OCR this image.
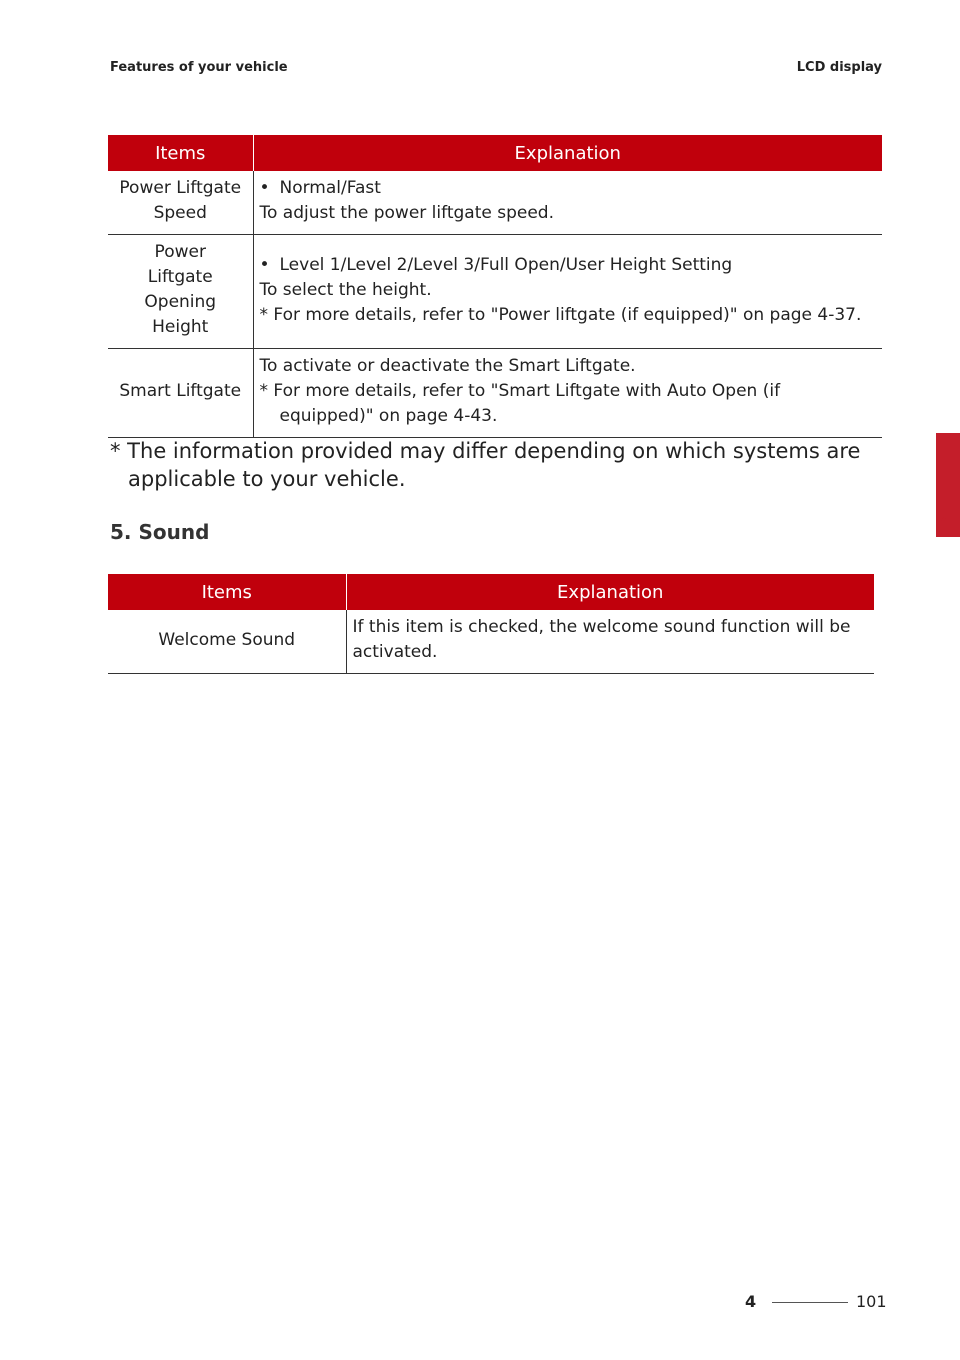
Features of your vehicle	LCD display
Items	Explanation
Power Liftgate Speed	• Normal/Fast
To adjust the power liftgate speed.

Power Liftgate Opening Height	• Level 1/Level 2/Level 3/Full Open/User Height Setting
To select the height.
* For more details, refer to "Power liftgate (if equipped)" on page 4-37.

Smart Liftgate	To activate or deactivate the Smart Liftgate.
* For more details, refer to "Smart Liftgate with Auto Open (if equipped)" on page 4-43.
* The information provided may differ depending on which systems are applicable to your vehicle.
5. Sound
Items	Explanation
Welcome Sound	If this item is checked, the welcome sound function will be activated.
4
4	101
